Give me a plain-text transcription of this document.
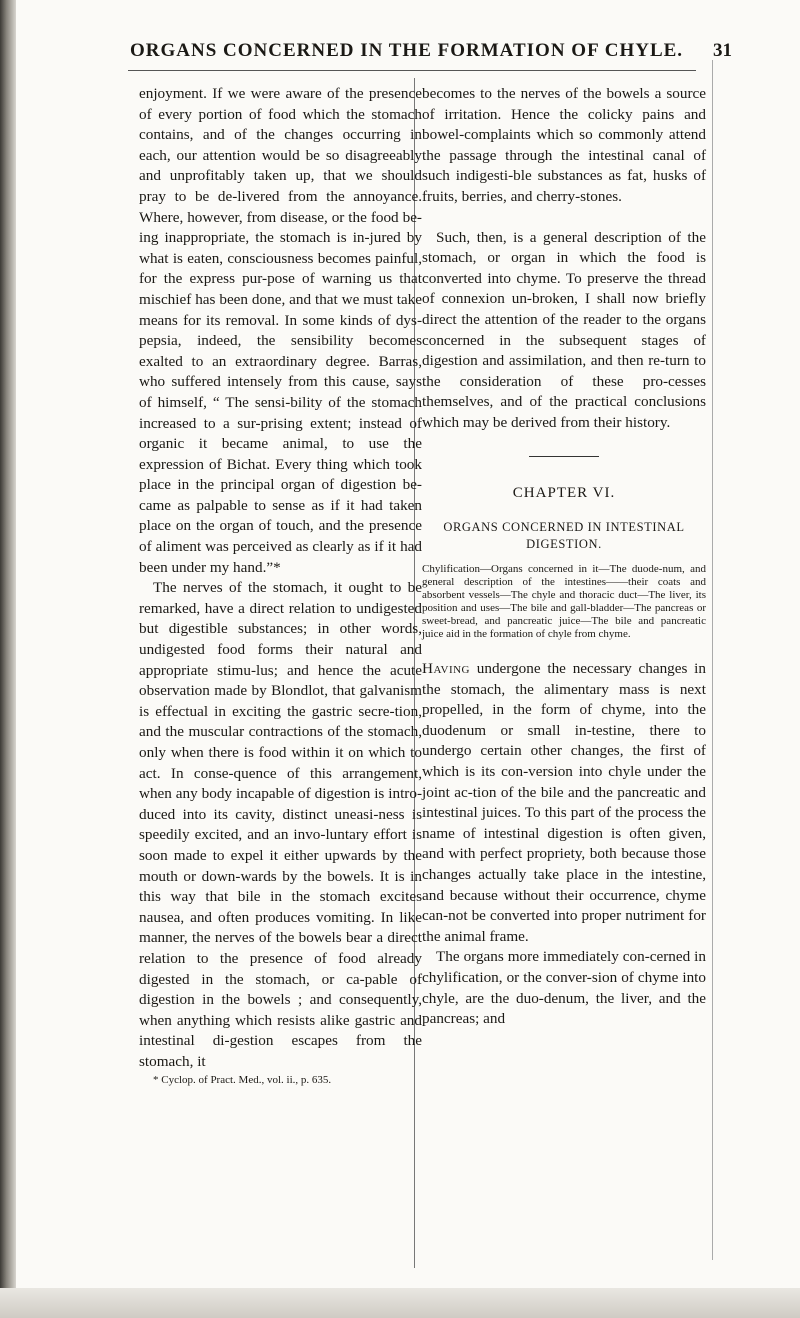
ORGANS CONCERNED IN THE FORMATION OF CHYLE. 31

enjoyment. If we were aware of the presence of every portion of food which the stomach contains, and of the changes occurring in each, our attention would be so disagreeably and unprofitably taken up, that we should pray to be de-livered from the annoyance. Where, however, from disease, or the food be-ing inappropriate, the stomach is in-jured by what is eaten, consciousness becomes painful, for the express pur-pose of warning us that mischief has been done, and that we must take means for its removal. In some kinds of dys-pepsia, indeed, the sensibility becomes exalted to an extraordinary degree. Barras, who suffered intensely from this cause, says of himself, “ The sensi-bility of the stomach increased to a sur-prising extent; instead of organic it became animal, to use the expression of Bichat. Every thing which took place in the principal organ of digestion be-came as palpable to sense as if it had taken place on the organ of touch, and the presence of aliment was perceived as clearly as if it had been under my hand.”*

The nerves of the stomach, it ought to be remarked, have a direct relation to undigested but digestible substances; in other words, undigested food forms their natural and appropriate stimu-lus; and hence the acute observation made by Blondlot, that galvanism is effectual in exciting the gastric secre-tion, and the muscular contractions of the stomach, only when there is food within it on which to act. In conse-quence of this arrangement, when any body incapable of digestion is intro-duced into its cavity, distinct uneasi-ness is speedily excited, and an invo-luntary effort is soon made to expel it either upwards by the mouth or down-wards by the bowels. It is in this way that bile in the stomach excites nausea, and often produces vomiting. In like manner, the nerves of the bowels bear a direct relation to the presence of food already digested in the stomach, or ca-pable of digestion in the bowels ; and consequently, when anything which resists alike gastric and intestinal di-gestion escapes from the stomach, it

* Cyclop. of Pract. Med., vol. ii., p. 635.

becomes to the nerves of the bowels a source of irritation. Hence the colicky pains and bowel-complaints which so commonly attend the passage through the intestinal canal of such indigesti-ble substances as fat, husks of fruits, berries, and cherry-stones.

Such, then, is a general description of the stomach, or organ in which the food is converted into chyme. To preserve the thread of connexion un-broken, I shall now briefly direct the attention of the reader to the organs concerned in the subsequent stages of digestion and assimilation, and then re-turn to the consideration of these pro-cesses themselves, and of the practical conclusions which may be derived from their history.

CHAPTER VI.
ORGANS CONCERNED IN INTESTINAL DIGESTION.

Chylification—Organs concerned in it—The duode-num, and general description of the intestines——their coats and absorbent vessels—The chyle and thoracic duct—The liver, its position and uses—The bile and gall-bladder—The pancreas or sweet-bread, and pancreatic juice—The bile and pancreatic juice aid in the formation of chyle from chyme.

Having undergone the necessary changes in the stomach, the alimentary mass is next propelled, in the form of chyme, into the duodenum or small in-testine, there to undergo certain other changes, the first of which is its con-version into chyle under the joint ac-tion of the bile and the pancreatic and intestinal juices. To this part of the process the name of intestinal digestion is often given, and with perfect propriety, both because those changes actually take place in the intestine, and because without their occurrence, chyme can-not be converted into proper nutriment for the animal frame.

The organs more immediately con-cerned in chylification, or the conver-sion of chyme into chyle, are the duo-denum, the liver, and the pancreas; and
